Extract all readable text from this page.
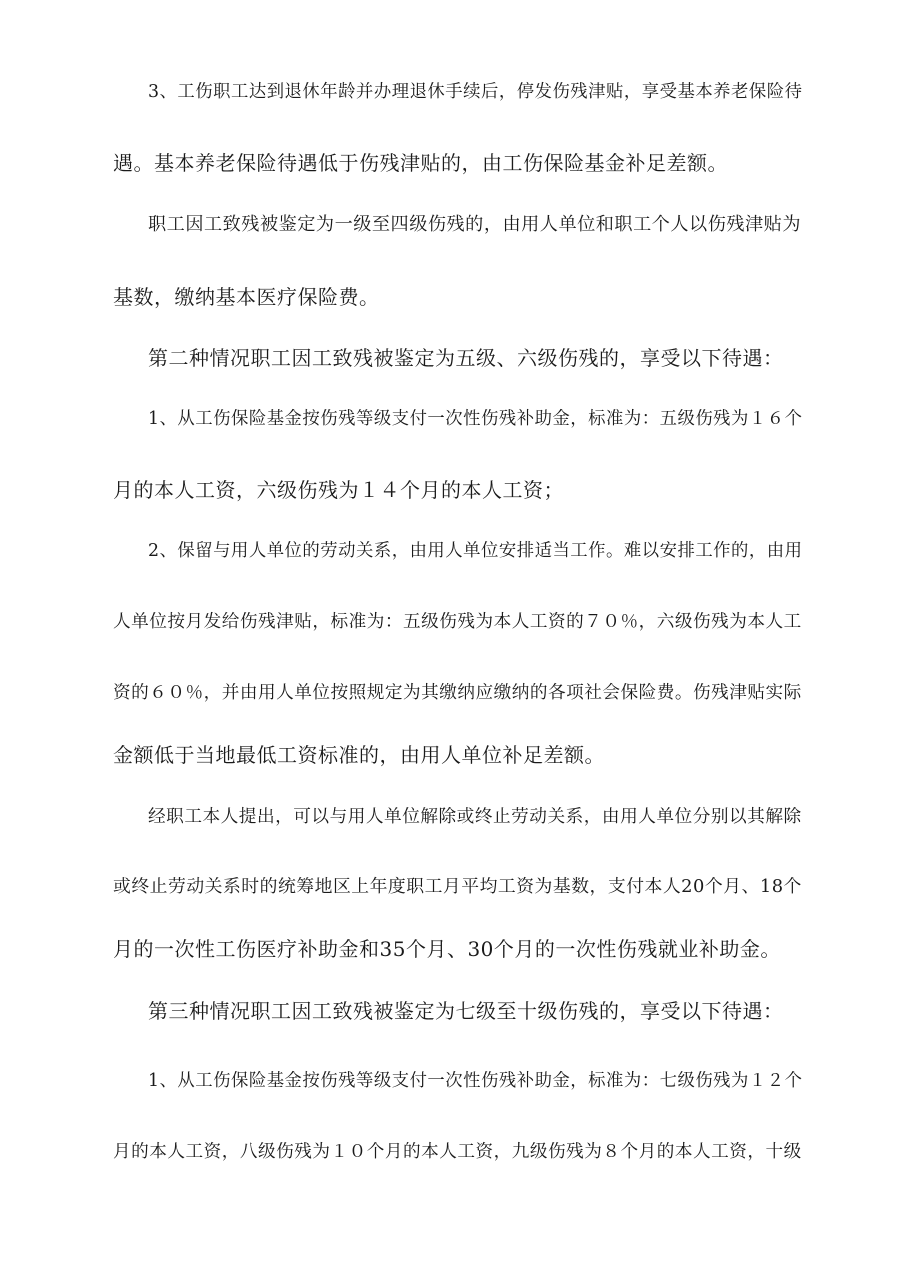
3、工伤职工达到退休年龄并办理退休手续后，停发伤残津贴，享受基本养老保险待
遇。基本养老保险待遇低于伤残津贴的，由工伤保险基金补足差额。
职工因工致残被鉴定为一级至四级伤残的，由用人单位和职工个人以伤残津贴为
基数，缴纳基本医疗保险费。
第二种情况职工因工致残被鉴定为五级、六级伤残的，享受以下待遇：
1、从工伤保险基金按伤残等级支付一次性伤残补助金，标准为：五级伤残为１６个
月的本人工资，六级伤残为１４个月的本人工资；
2、保留与用人单位的劳动关系，由用人单位安排适当工作。难以安排工作的，由用
人单位按月发给伤残津贴，标准为：五级伤残为本人工资的７０％，六级伤残为本人工
资的６０％，并由用人单位按照规定为其缴纳应缴纳的各项社会保险费。伤残津贴实际
金额低于当地最低工资标准的，由用人单位补足差额。
经职工本人提出，可以与用人单位解除或终止劳动关系，由用人单位分别以其解除
或终止劳动关系时的统筹地区上年度职工月平均工资为基数，支付本人20个月、18个
月的一次性工伤医疗补助金和35个月、30个月的一次性伤残就业补助金。
第三种情况职工因工致残被鉴定为七级至十级伤残的，享受以下待遇：
1、从工伤保险基金按伤残等级支付一次性伤残补助金，标准为：七级伤残为１２个
月的本人工资，八级伤残为１０个月的本人工资，九级伤残为８个月的本人工资，十级
